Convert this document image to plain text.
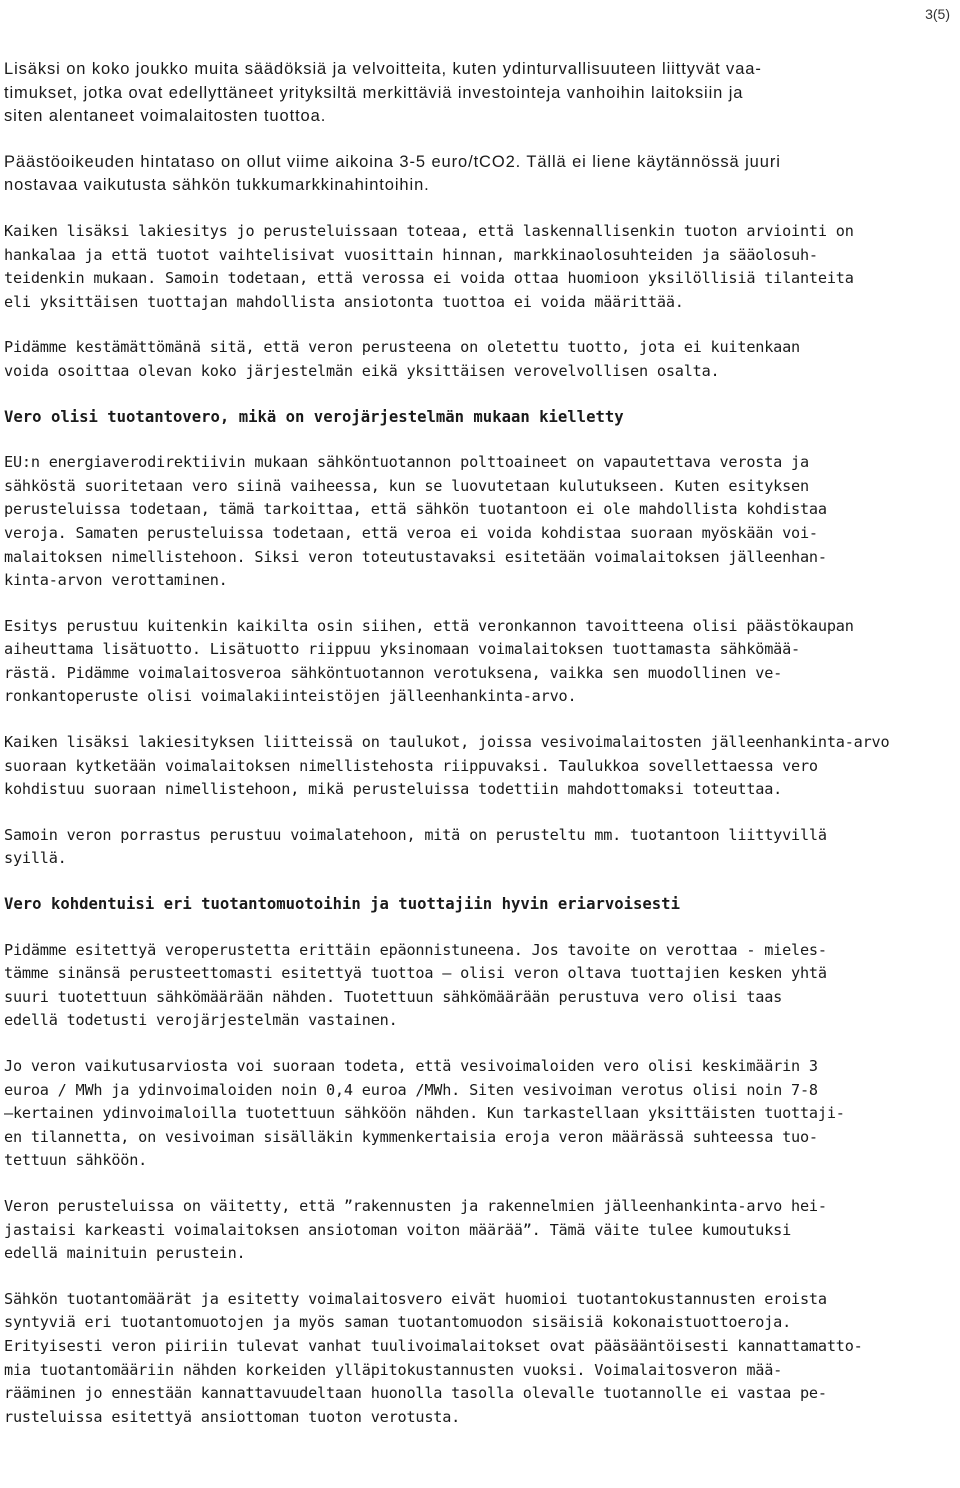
3(5)

Lisäksi on koko joukko muita säädöksiä ja velvoitteita, kuten ydinturvallisuuteen liittyvät vaa-
timukset, jotka ovat edellyttäneet yrityksiltä merkittäviä investointeja vanhoihin laitoksiin ja
siten alentaneet voimalaitosten tuottoa.

Päästöoikeuden hintataso on ollut viime aikoina 3-5 euro/tCO2. Tällä ei liene käytännössä juuri
nostavaa vaikutusta sähkön tukkumarkkinahintoihin.

Kaiken lisäksi lakiesitys jo perusteluissaan toteaa, että laskennallisenkin tuoton arviointi on
hankalaa ja että tuotot vaihtelisivat vuosittain hinnan, markkinaolosuhteiden ja sääolosuh-
teidenkin mukaan. Samoin todetaan, että verossa ei voida ottaa huomioon yksilöllisiä tilanteita
eli yksittäisen tuottajan mahdollista ansiotonta tuottoa ei voida määrittää.

Pidämme kestämättömänä sitä, että veron perusteena on oletettu tuotto, jota ei kuitenkaan
voida osoittaa olevan koko järjestelmän eikä yksittäisen verovelvollisen osalta.

Vero olisi tuotantovero, mikä on verojärjestelmän mukaan kielletty

EU:n energiaverodirektiivin mukaan sähköntuotannon polttoaineet on vapautettava verosta ja
sähköstä suoritetaan vero siinä vaiheessa, kun se luovutetaan kulutukseen. Kuten esityksen
perusteluissa todetaan, tämä tarkoittaa, että sähkön tuotantoon ei ole mahdollista kohdistaa
veroja. Samaten perusteluissa todetaan, että veroa ei voida kohdistaa suoraan myöskään voi-
malaitoksen nimellistehoon. Siksi veron toteutustavaksi esitetään voimalaitoksen jälleenhan-
kinta-arvon verottaminen.

Esitys perustuu kuitenkin kaikilta osin siihen, että veronkannon tavoitteena olisi päästökaupan
aiheuttama lisätuotto. Lisätuotto riippuu yksinomaan voimalaitoksen tuottamasta sähkömää-
rästä. Pidämme voimalaitosveroa sähköntuotannon verotuksena, vaikka sen muodollinen ve-
ronkantoperuste olisi voimalakiinteistöjen jälleenhankinta-arvo.

Kaiken lisäksi lakiesityksen liitteissä on taulukot, joissa vesivoimalaitosten jälleenhankinta-arvo
suoraan kytketään voimalaitoksen nimellistehosta riippuvaksi. Taulukkoa sovellettaessa vero
kohdistuu suoraan nimellistehoon, mikä perusteluissa todettiin mahdottomaksi toteuttaa.

Samoin veron porrastus perustuu voimalatehoon, mitä on perusteltu mm. tuotantoon liittyvillä
syillä.

Vero kohdentuisi eri tuotantomuotoihin ja tuottajiin hyvin eriarvoisesti

Pidämme esitettyä veroperustetta erittäin epäonnistuneena. Jos tavoite on verottaa - mieles-
tämme sinänsä perusteettomasti esitettyä tuottoa – olisi veron oltava tuottajien kesken yhtä
suuri tuotettuun sähkömäärään nähden. Tuotettuun sähkömäärään perustuva vero olisi taas
edellä todetusti verojärjestelmän vastainen.

Jo veron vaikutusarviosta voi suoraan todeta, että vesivoimaloiden vero olisi keskimäärin 3
euroa / MWh ja ydinvoimaloiden noin 0,4 euroa /MWh. Siten vesivoiman verotus olisi noin 7-8
–kertainen ydinvoimaloilla tuotettuun sähköön nähden. Kun tarkastellaan yksittäisten tuottaji-
en tilannetta, on vesivoiman sisälläkin kymmenkertaisia eroja veron määrässä suhteessa tuo-
tettuun sähköön.

Veron perusteluissa on väitetty, että ”rakennusten ja rakennelmien jälleenhankinta-arvo hei-
jastaisi karkeasti voimalaitoksen ansiotoman voiton määrää”. Tämä väite tulee kumoutuksi
edellä mainituin perustein.

Sähkön tuotantomäärät ja esitetty voimalaitosvero eivät huomioi tuotantokustannusten eroista
syntyviä eri tuotantomuotojen ja myös saman tuotantomuodon sisäisiä kokonaistuottoeroja.
Erityisesti veron piiriin tulevat vanhat tuulivoimalaitokset ovat pääsääntöisesti kannattamatto-
mia tuotantomääriin nähden korkeiden ylläpitokustannusten vuoksi. Voimalaitosveron mää-
rääminen jo ennestään kannattavuudeltaan huonolla tasolla olevalle tuotannolle ei vastaa pe-
rusteluissa esitettyä ansiottoman tuoton verotusta.
